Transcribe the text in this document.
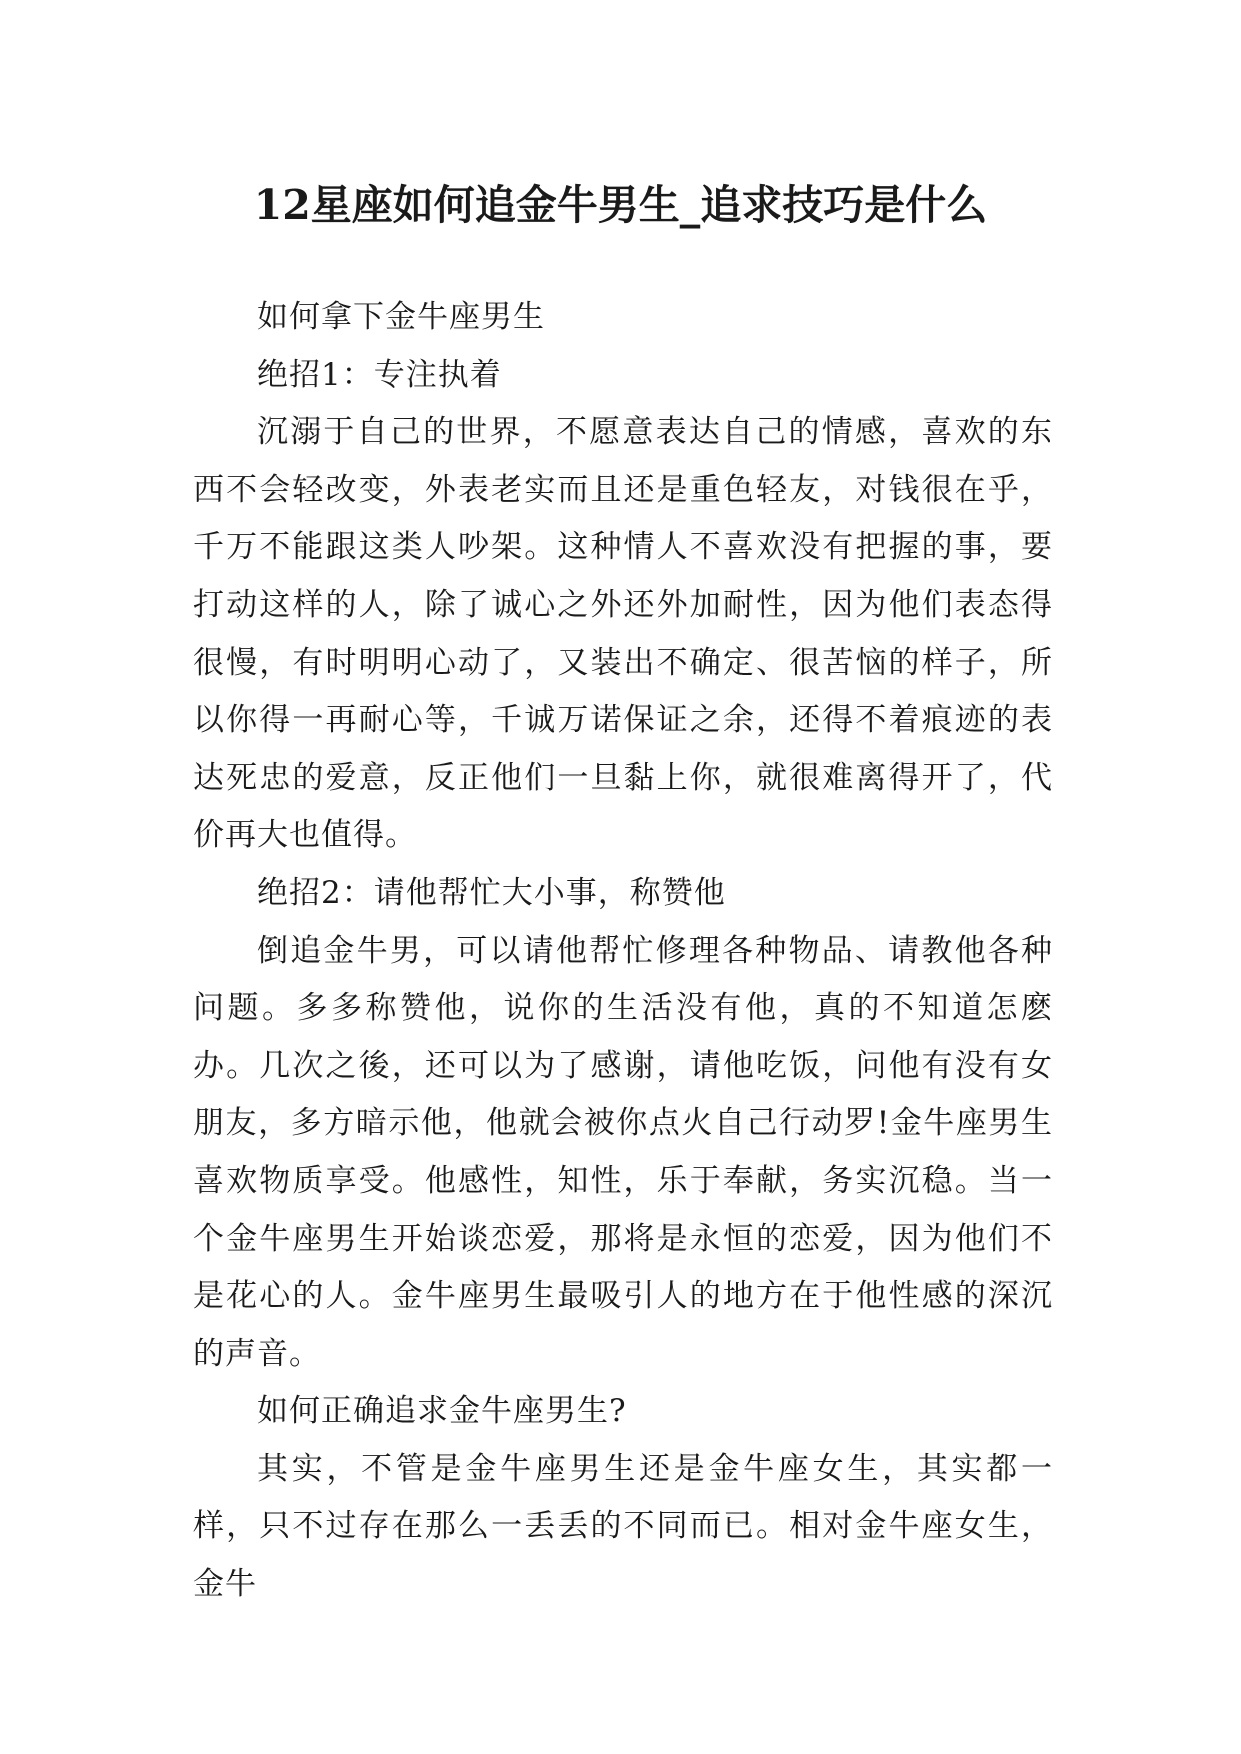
12星座如何追金牛男生_追求技巧是什么

如何拿下金牛座男生

绝招1：专注执着

沉溺于自己的世界，不愿意表达自己的情感，喜欢的东西不会轻改变，外表老实而且还是重色轻友，对钱很在乎，千万不能跟这类人吵架。这种情人不喜欢没有把握的事，要打动这样的人，除了诚心之外还外加耐性，因为他们表态得很慢，有时明明心动了，又装出不确定、很苦恼的样子，所以你得一再耐心等，千诚万诺保证之余，还得不着痕迹的表达死忠的爱意，反正他们一旦黏上你，就很难离得开了，代价再大也值得。

绝招2：请他帮忙大小事，称赞他

倒追金牛男，可以请他帮忙修理各种物品、请教他各种问题。多多称赞他，说你的生活没有他，真的不知道怎麽办。几次之後，还可以为了感谢，请他吃饭，问他有没有女朋友，多方暗示他，他就会被你点火自己行动罗!金牛座男生喜欢物质享受。他感性，知性，乐于奉献，务实沉稳。当一个金牛座男生开始谈恋爱，那将是永恒的恋爱，因为他们不是花心的人。金牛座男生最吸引人的地方在于他性感的深沉的声音。

如何正确追求金牛座男生?

其实，不管是金牛座男生还是金牛座女生，其实都一样，只不过存在那么一丢丢的不同而已。相对金牛座女生，金牛
